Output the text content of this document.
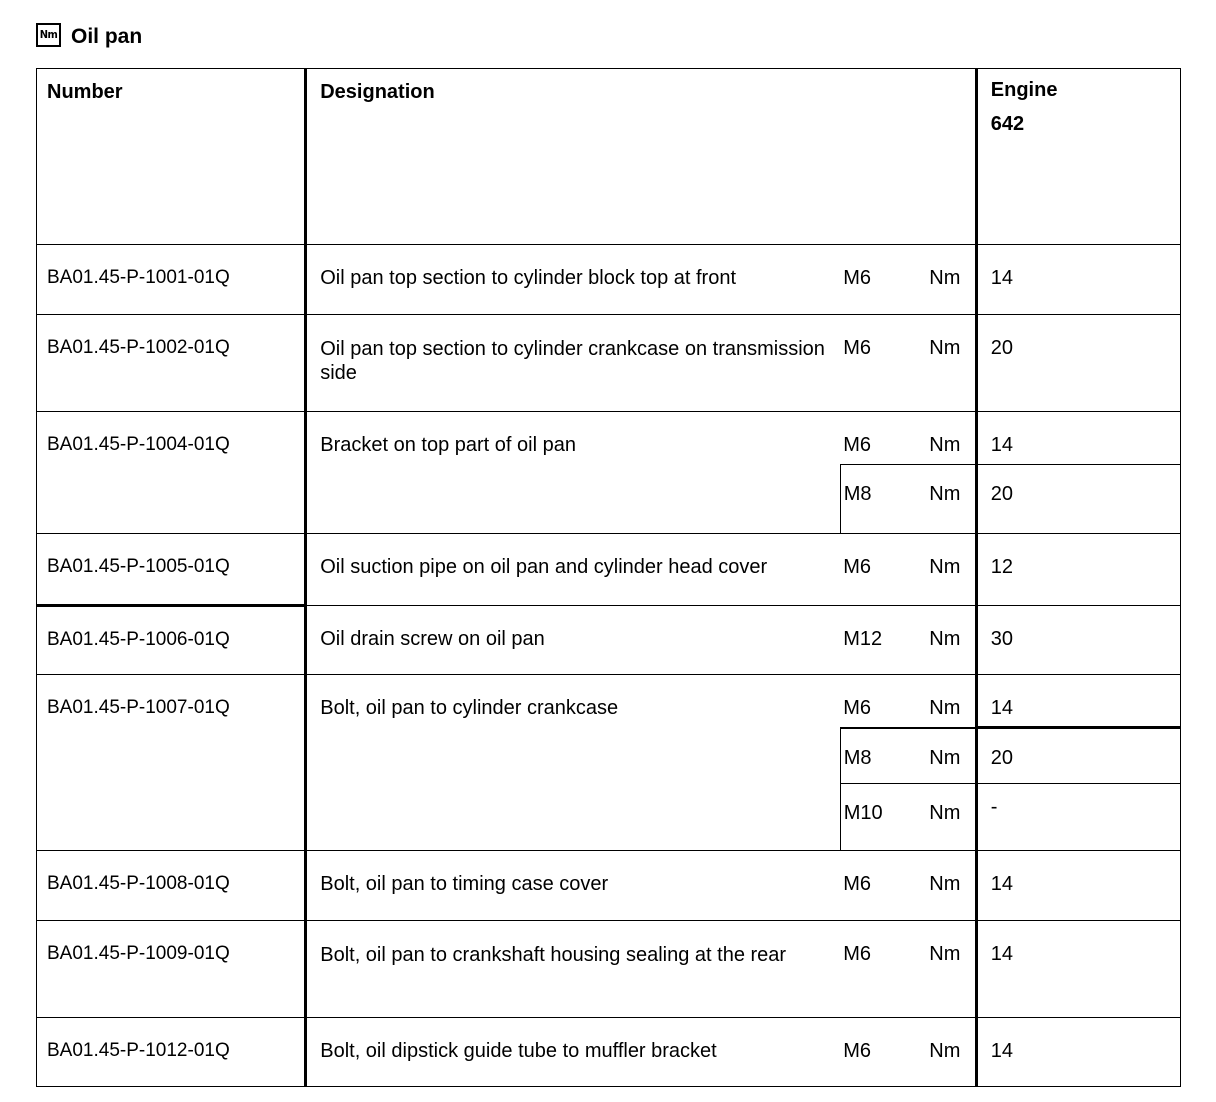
Nm Oil pan
Number	Designation			Engine
642

BA01.45-P-1001-01Q	Oil pan top section to cylinder block top at front	M6	Nm	14
BA01.45-P-1002-01Q	Oil pan top section to cylinder crankcase on transmission side	M6	Nm	20
BA01.45-P-1004-01Q	Bracket on top part of oil pan	M6	Nm	14
		M8	Nm	20
BA01.45-P-1005-01Q	Oil suction pipe on oil pan and cylinder head cover	M6	Nm	12
BA01.45-P-1006-01Q	Oil drain screw on oil pan	M12	Nm	30
BA01.45-P-1007-01Q	Bolt, oil pan to cylinder crankcase	M6	Nm	14
		M8	Nm	20
		M10	Nm	-
BA01.45-P-1008-01Q	Bolt, oil pan to timing case cover	M6	Nm	14
BA01.45-P-1009-01Q	Bolt, oil pan to crankshaft housing sealing at the rear	M6	Nm	14
BA01.45-P-1012-01Q	Bolt, oil dipstick guide tube to muffler bracket	M6	Nm	14
